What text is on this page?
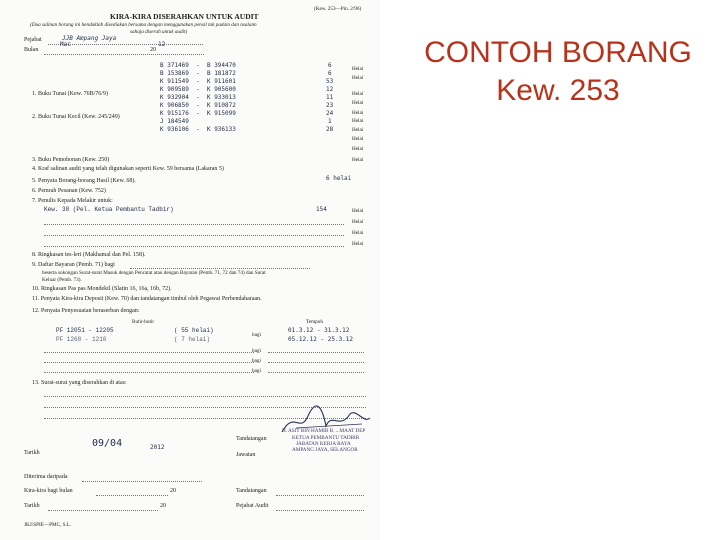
CONTOH BORANG
Kew. 253
(Kew. 253—Pin. 2/96)
KIRA-KIRA DISERAHKAN UNTUK AUDIT
(Dua salinan borang ini hendaklah disediakan bersama dengan menggunakan pensil tak padam dan nsalann
sahaja diserah untuk audit)
Pejabat	JJB Ampang Jaya
Bulan
Mac	12
20
1. Buku Tunai (Kew. 76B/76/9)
2. Buku Tunai Kecil (Kew. 245/249)
B 371469  -  B 394470	6
B 153869  -  B 181872	6
K 911549  -  K 911601	53
K 909589  -  K 905600	12
K 932904  -  K 933013	11
K 906850  -  K 910872	23
K 915176  -  K 915099	24
J 184549	1
K 936106  -  K 936133	28
Helai
Helai
Helai
Helai
Helai
Helai
Helai
Helai
Helai
Helai
3. Buku Pemohonan (Kew. 250)
4. Kraf salinan audit yang telah digunakan seperti Kew. 59 bersama (Lakaran 5)
5. Penyata Borang-borang Hasil (Kew. 68).	6 helai
6. Pemrah Pesanan (Kew. 752)
7. Penulis Kepada Melakir untuk:
Kew. 38 (Pel. Ketua Pembantu Tadbir)	154	Helai
Helai
Helai
Helai
8. Ringkasan tes-leri (Makhamal dan Pel. 158).
9. Daftar Bayaran (Pemb. 71) bagi
beserta sokongan Surat-surat Masuk dengan Pencatat atau dengan Bayaran (Pemb. 71, 72 dan 74) dan Surat
Keluar (Pemb. 73).
10. Ringkasan Pas pas Mondekil (Slatin 16, 16a, 16b, 72).
11. Penyata Kira-kira Deposit (Kew. 70) dan tandatangan timbul oleh Pegawai Perbendaharaan.
12. Penyata Penyesuaian beraserban dengan:
Butir-butir	Tempoh
PF 12051 - 12205	( 55 helai)	01.3.12 - 31.3.12
bagi
PF 1268 - 1210	( 7 helai)	05.12.12 - 25.3.12
bagi
bagi
bagi
13. Surat-surat yang diserahkan di atas:
Tandatangan
H. ASIT BIN HAMIB B. ...MAAT DEP
KETUA PEMBANTU TADBIR
JABATAN KERJA RAYA
AMPANG JAYA, SELANGOR
Jawatan
Tarikh
09/04	2012
Diterima daripada
Kira-kira bagi bulan	20	Tandatangan
Tarikh	20	Pejabat Audit
JKJ/SPIE—PMC, S.L.
